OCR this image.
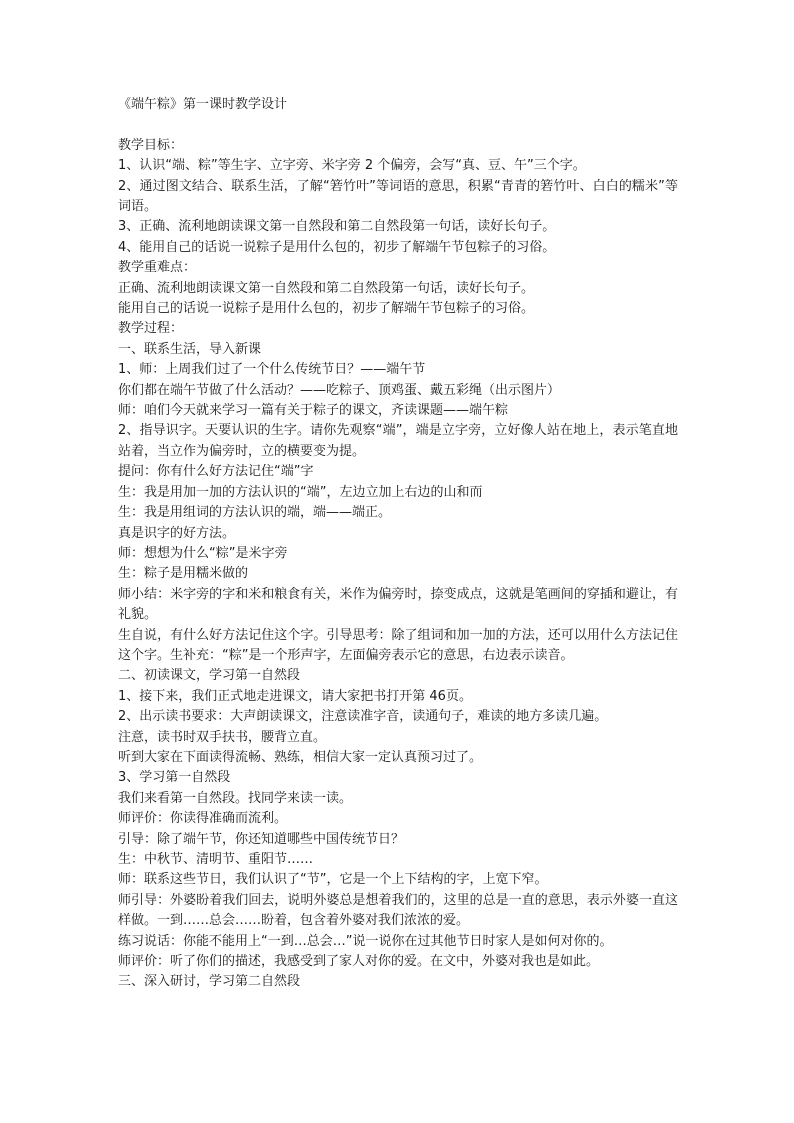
《端午粽》第一课时教学设计

教学目标：

1、认识“端、粽”等生字、立字旁、米字旁 2 个偏旁，会写“真、豆、午”三个字。

2、通过图文结合、联系生活，了解“箬竹叶”等词语的意思，积累“青青的箬竹叶、白白的糯米”等词语。

3、正确、流利地朗读课文第一自然段和第二自然段第一句话，读好长句子。

4、能用自己的话说一说粽子是用什么包的，初步了解端午节包粽子的习俗。

教学重难点：

正确、流利地朗读课文第一自然段和第二自然段第一句话，读好长句子。

能用自己的话说一说粽子是用什么包的，初步了解端午节包粽子的习俗。

教学过程：

一、联系生活，导入新课

1、师：上周我们过了一个什么传统节日？——端午节

你们都在端午节做了什么活动？——吃粽子、顶鸡蛋、戴五彩绳（出示图片）

师：咱们今天就来学习一篇有关于粽子的课文，齐读课题——端午粽

2、指导识字。天要认识的生字。请你先观察“端”，端是立字旁，立好像人站在地上，表示笔直地站着，当立作为偏旁时，立的横要变为提。

提问：你有什么好方法记住“端”字

生：我是用加一加的方法认识的“端”，左边立加上右边的山和而

生：我是用组词的方法认识的端，端——端正。

真是识字的好方法。

师：想想为什么“粽”是米字旁

生：粽子是用糯米做的

师小结：米字旁的字和米和粮食有关，米作为偏旁时，捺变成点，这就是笔画间的穿插和避让，有礼貌。

生自说，有什么好方法记住这个字。引导思考：除了组词和加一加的方法，还可以用什么方法记住这个字。生补充：“粽”是一个形声字，左面偏旁表示它的意思，右边表示读音。

二、初读课文，学习第一自然段

1、接下来，我们正式地走进课文，请大家把书打开第 46页。

2、出示读书要求：大声朗读课文，注意读准字音，读通句子，难读的地方多读几遍。

注意，读书时双手扶书，腰背立直。

听到大家在下面读得流畅、熟练，相信大家一定认真预习过了。

3、学习第一自然段

我们来看第一自然段。找同学来读一读。

师评价：你读得准确而流利。

引导：除了端午节，你还知道哪些中国传统节日？

生：中秋节、清明节、重阳节……

师：联系这些节日，我们认识了“节”，它是一个上下结构的字，上宽下窄。

师引导：外婆盼着我们回去，说明外婆总是想着我们的，这里的总是一直的意思，表示外婆一直这样做。一到……总会……盼着，包含着外婆对我们浓浓的爱。

练习说话：你能不能用上“一到…总会…”说一说你在过其他节日时家人是如何对你的。

师评价：听了你们的描述，我感受到了家人对你的爱。在文中，外婆对我也是如此。

三、深入研讨，学习第二自然段
